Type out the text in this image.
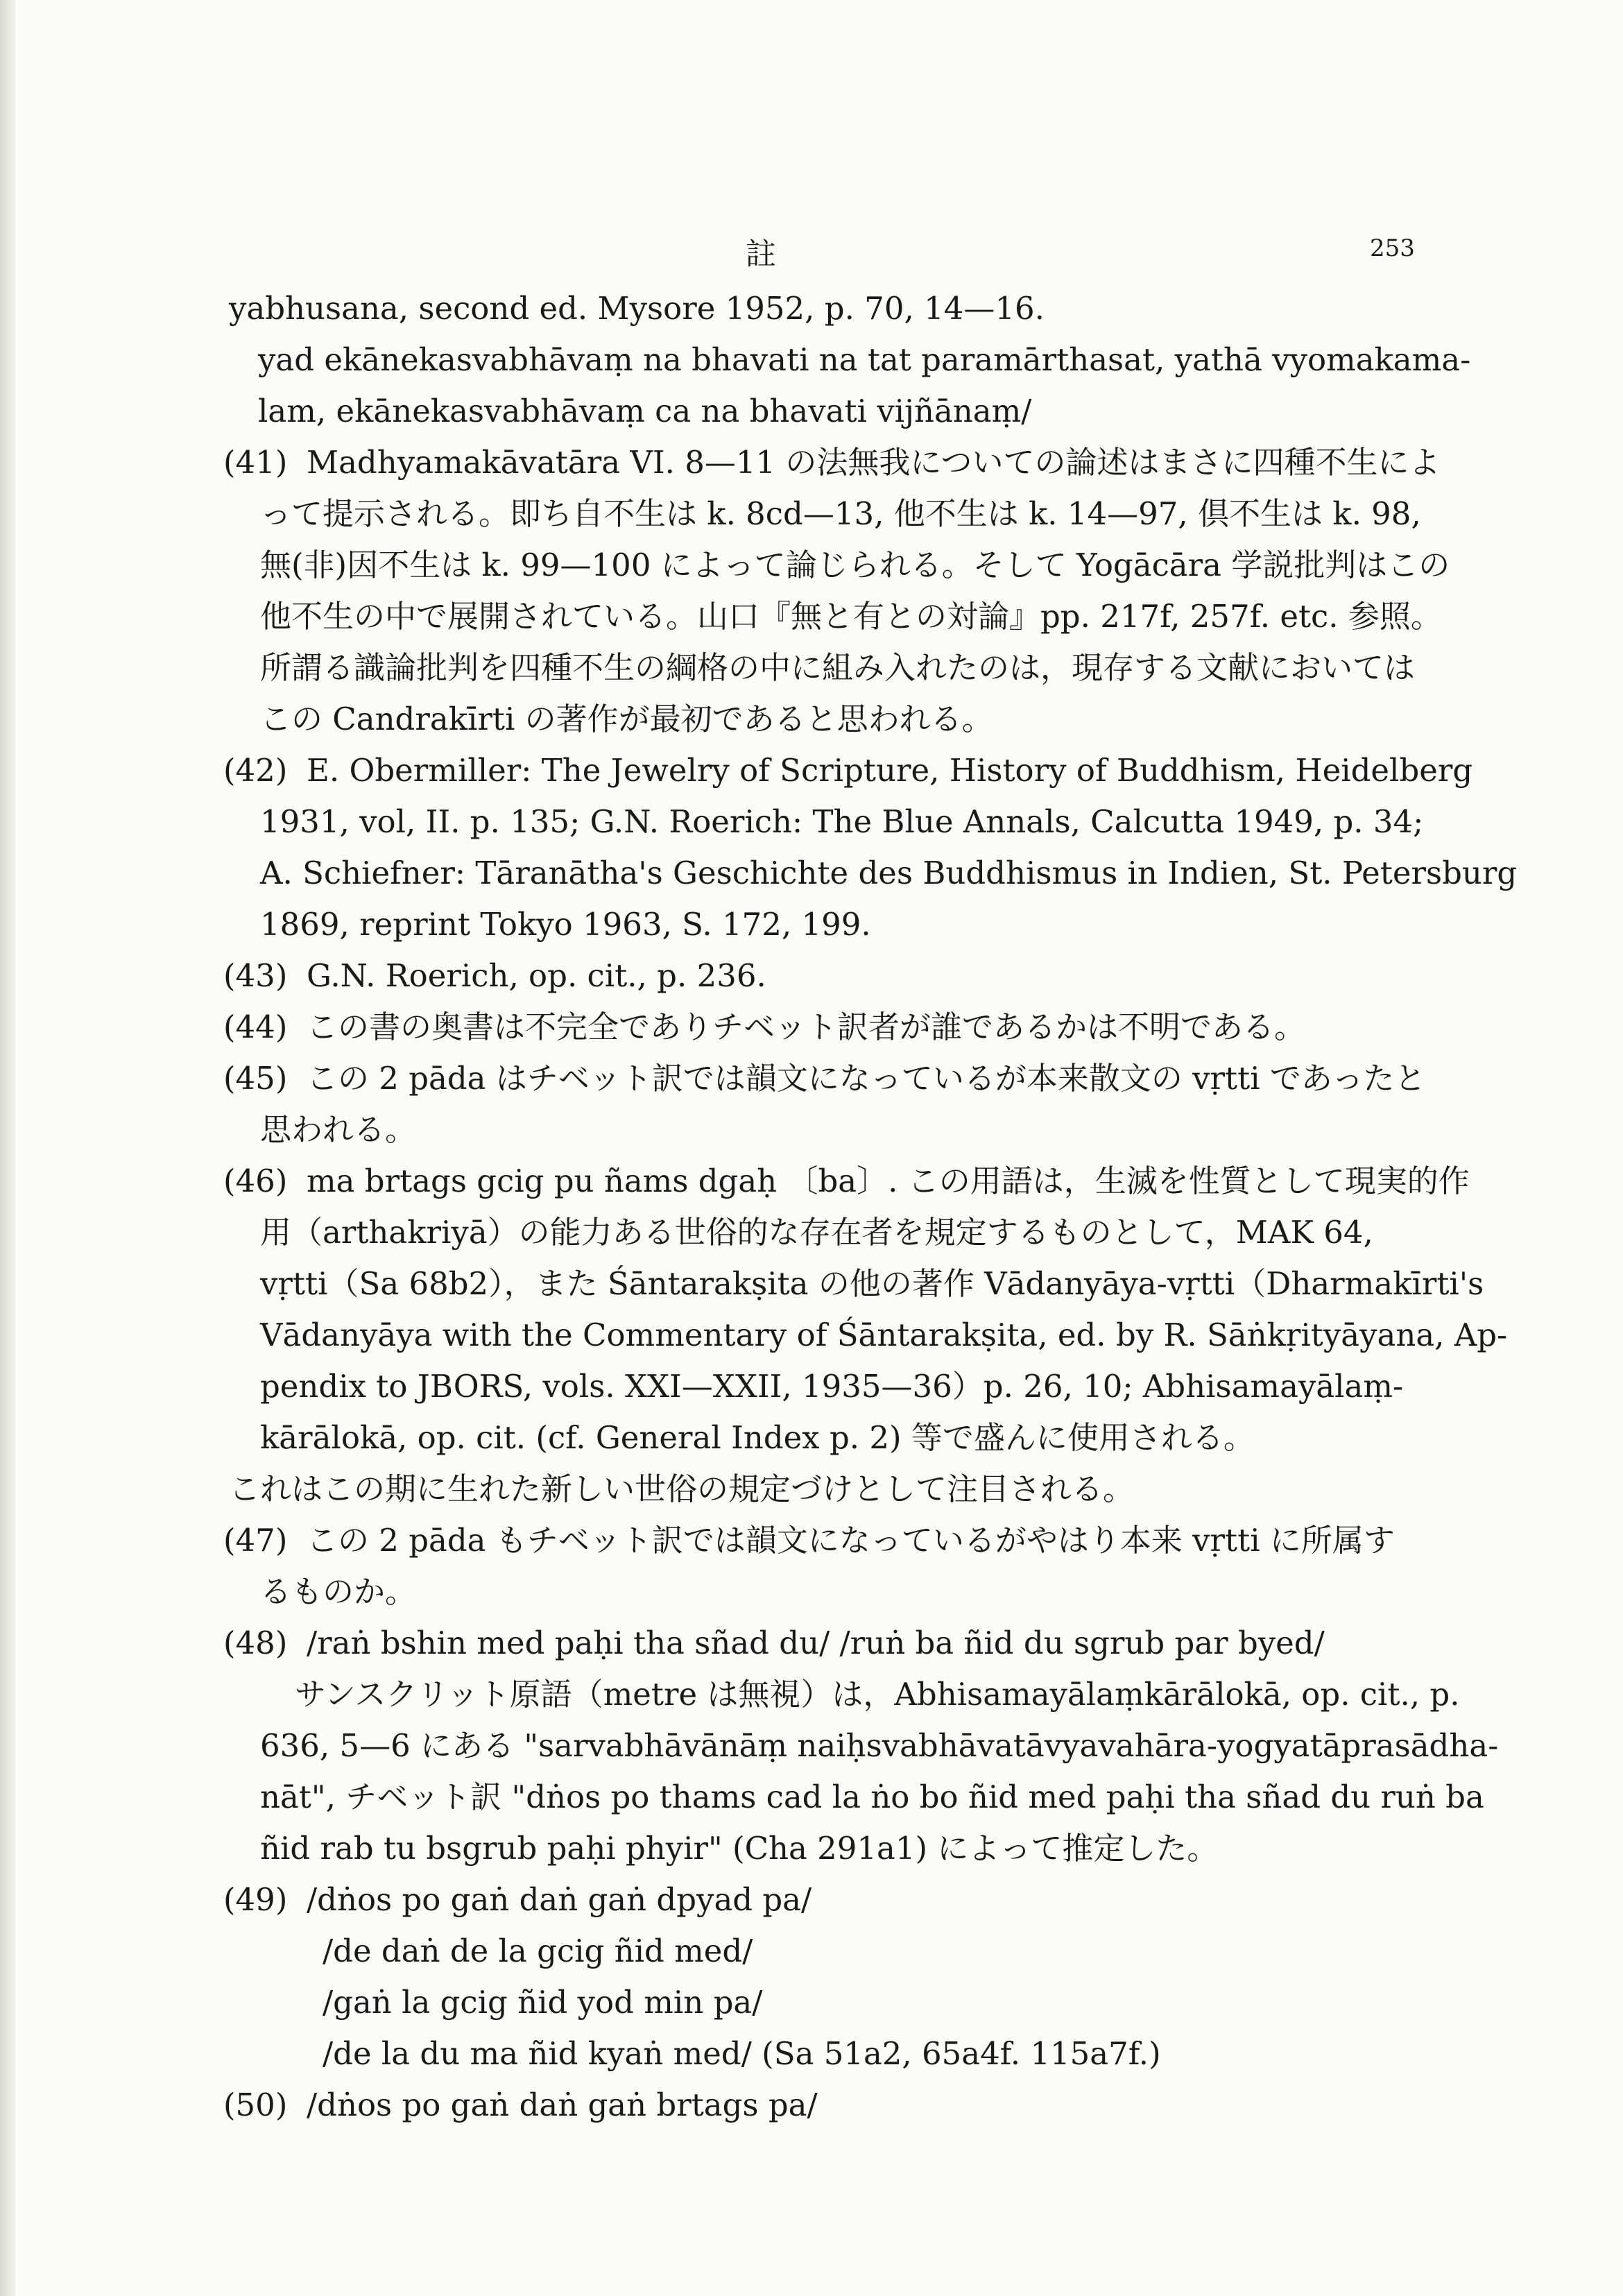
註	253
yabhusana, second ed. Mysore 1952, p. 70, 14—16.
yad ekānekasvabhāvaṃ na bhavati na tat paramārthasat, yathā vyomakama-
lam, ekānekasvabhāvaṃ ca na bhavati vijñānaṃ/
(41) Madhyamakāvatāra VI. 8—11 の法無我についての論述はまさに四種不生によ
って提示される。即ち自不生は k. 8cd—13, 他不生は k. 14—97, 倶不生は k. 98,
無(非)因不生は k. 99—100 によって論じられる。そして Yogācāra 学説批判はこの
他不生の中で展開されている。山口『無と有との対論』pp. 217f, 257f. etc. 参照。
所謂る識論批判を四種不生の綱格の中に組み入れたのは，現存する文献においては
この Candrakīrti の著作が最初であると思われる。
(42) E. Obermiller: The Jewelry of Scripture, History of Buddhism, Heidelberg
1931, vol, II. p. 135; G.N. Roerich: The Blue Annals, Calcutta 1949, p. 34;
A. Schiefner: Tāranātha's Geschichte des Buddhismus in Indien, St. Petersburg
1869, reprint Tokyo 1963, S. 172, 199.
(43) G.N. Roerich, op. cit., p. 236.
(44) この書の奥書は不完全でありチベット訳者が誰であるかは不明である。
(45) この 2 pāda はチベット訳では韻文になっているが本来散文の vṛtti であったと
思われる。
(46) ma brtags gcig pu ñams dgaḥ 〔ba〕. この用語は，生滅を性質として現実的作
用（arthakriyā）の能力ある世俗的な存在者を規定するものとして，MAK 64,
vṛtti（Sa 68b2），また Śāntarakṣita の他の著作 Vādanyāya-vṛtti（Dharmakīrti's
Vādanyāya with the Commentary of Śāntarakṣita, ed. by R. Sāṅkṛityāyana, Ap-
pendix to JBORS, vols. XXI—XXII, 1935—36）p. 26, 10; Abhisamayālaṃ-
kārālokā, op. cit. (cf. General Index p. 2) 等で盛んに使用される。
これはこの期に生れた新しい世俗の規定づけとして注目される。
(47) この 2 pāda もチベット訳では韻文になっているがやはり本来 vṛtti に所属す
るものか。
(48) /raṅ bshin med paḥi tha sñad du/ /ruṅ ba ñid du sgrub par byed/
サンスクリット原語（metre は無視）は，Abhisamayālaṃkārālokā, op. cit., p.
636, 5—6 にある "sarvabhāvānāṃ naiḥsvabhāvatāvyavahāra-yogyatāprasādha-
nāt", チベット訳 "dṅos po thams cad la ṅo bo ñid med paḥi tha sñad du ruṅ ba
ñid rab tu bsgrub paḥi phyir" (Cha 291a1) によって推定した。
(49) /dṅos po gaṅ daṅ gaṅ dpyad pa/
/de daṅ de la gcig ñid med/
/gaṅ la gcig ñid yod min pa/
/de la du ma ñid kyaṅ med/ (Sa 51a2, 65a4f. 115a7f.)
(50) /dṅos po gaṅ daṅ gaṅ brtags pa/
